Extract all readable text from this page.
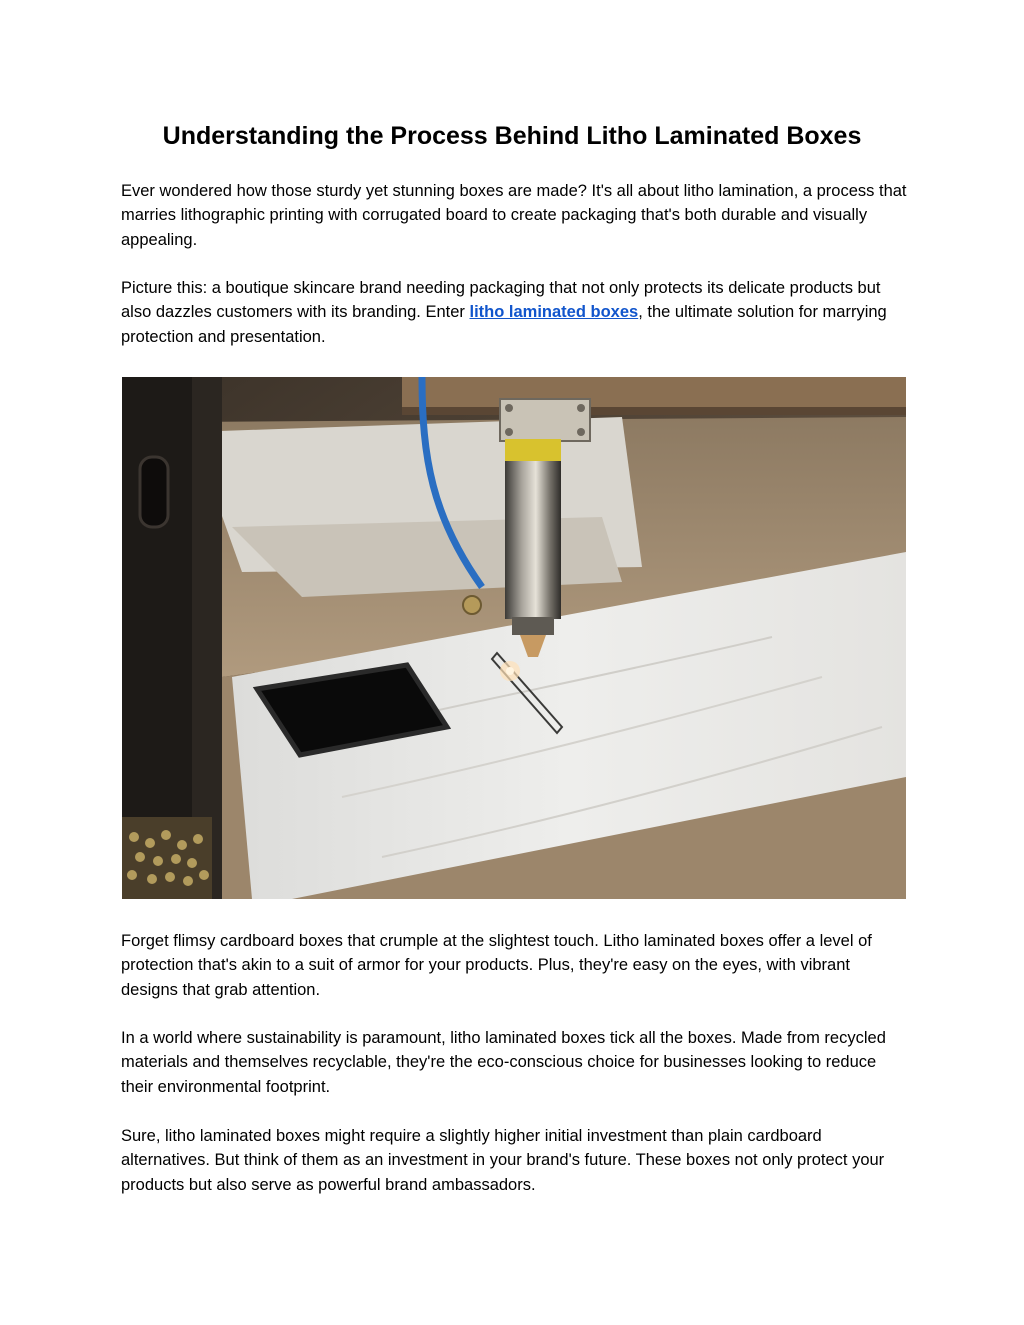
Understanding the Process Behind Litho Laminated Boxes

Ever wondered how those sturdy yet stunning boxes are made? It's all about litho lamination, a process that marries lithographic printing with corrugated board to create packaging that's both durable and visually appealing.

Picture this: a boutique skincare brand needing packaging that not only protects its delicate products but also dazzles customers with its branding. Enter litho laminated boxes, the ultimate solution for marrying protection and presentation.

Forget flimsy cardboard boxes that crumple at the slightest touch. Litho laminated boxes offer a level of protection that's akin to a suit of armor for your products. Plus, they're easy on the eyes, with vibrant designs that grab attention.

In a world where sustainability is paramount, litho laminated boxes tick all the boxes. Made from recycled materials and themselves recyclable, they're the eco-conscious choice for businesses looking to reduce their environmental footprint.

Sure, litho laminated boxes might require a slightly higher initial investment than plain cardboard alternatives. But think of them as an investment in your brand's future. These boxes not only protect your products but also serve as powerful brand ambassadors.
